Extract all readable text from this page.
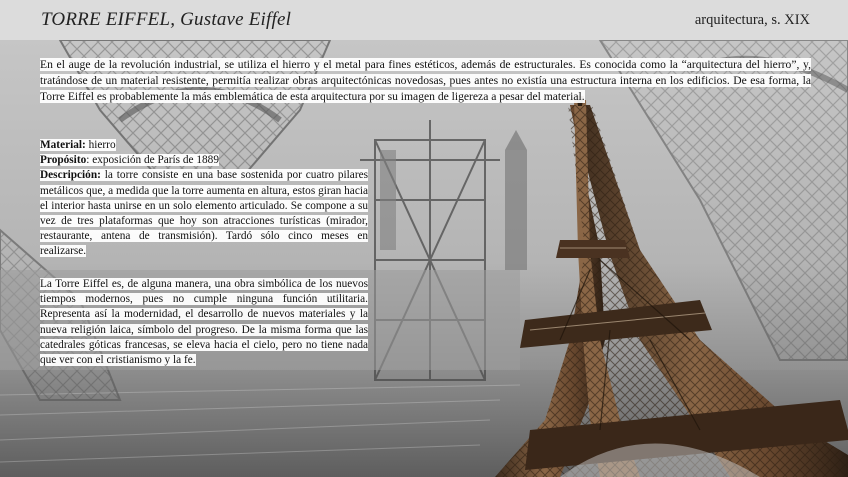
TORRE EIFFEL, Gustave Eiffel	arquitectura, s. XIX
En el auge de la revolución industrial, se utiliza el hierro y el metal para fines estéticos, además de estructurales. Es conocida como la “arquitectura del hierro”, y, tratándose de un material resistente, permitía realizar obras arquitectónicas novedosas, pues antes no existía una estructura interna en los edificios. De esa forma, la Torre Eiffel es probablemente la más emblemática de esta arquitectura por su imagen de ligereza a pesar del material.
Material: hierro
Propósito: exposición de París de 1889
Descripción: la torre consiste en una base sostenida por cuatro pilares metálicos que, a medida que la torre aumenta en altura, estos giran hacia el interior hasta unirse en un solo elemento articulado. Se compone a su vez de tres plataformas que hoy son atracciones turísticas (mirador, restaurante, antena de transmisión). Tardó sólo cinco meses en realizarse.
La Torre Eiffel es, de alguna manera, una obra simbólica de los nuevos tiempos modernos, pues no cumple ninguna función utilitaria. Representa así la modernidad, el desarrollo de nuevos materiales y la nueva religión laica, símbolo del progreso. De la misma forma que las catedrales góticas francesas, se eleva hacia el cielo, pero no tiene nada que ver con el cristianismo y la fe.
